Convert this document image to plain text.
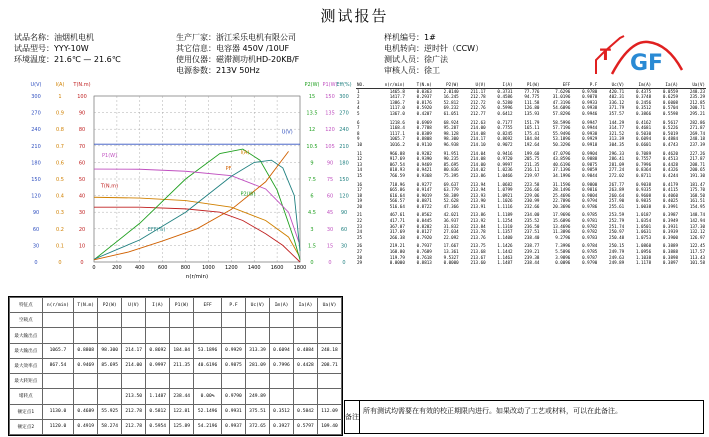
测试报告
试品名称：油烟机电机
试品型号：YYY-10W
环境温度：21.6℃ — 21.6℃
生产厂家：浙江采乐电机有限公司
其它信息：电容器 450V /10UF
使用仪器：磁滞测功机HD-20KB/F
电源参数：213V 50Hz
样机编号：1#
电机转向：逆时针（CCW）
测试人员：徐广法
审核人员：徐工
T GF
0	200	400	600	800 1000 1200 1400 1600 1800
n(r/min)
U(V)
300
270
240
210
180
150
120
90
60
30
0
I(A)
1
0.9
0.8
0.7
0.6
0.5
0.4
0.3
0.2
0.1
0
T(N.m)
100
90
80
70
60
50
40
30
20
10
0
P2(W)
15
13.5
12
10.5
9
7.5
6
4.5
3
1.5
0
P1(W)
150
135
120
105
90
75
60
45
30
15
0
Eff(%)
300
270
240
210
180
150
120
90
60
30
0
U(V)
P1(W)
T(N.m)
I(A)
P2(W)
EFF(%)
PF
NO.	n(r/min)	T(N.m)	P2(W)	U(V)	I(A)	P1(W)	EFF	P.F	Uc(V)	Im(A)	Ia(A)	Ua(V)
1	1465.8	0.0363	2.0140	211.17	0.3731	77.776	7.6296	0.9780	420.71	0.4375	0.0559	248.23
2	1417.7	0.2937	16.245	212.78	0.4586	94.775	31.0196	0.9878	402.31	0.3748	0.6259	235.29
3	1386.7	0.8176	52.812	212.72	0.5280	111.58	47.3196	0.9933	336.12	0.2456	0.6008	212.85
4	1117.0	0.5920	69.232	212.76	0.5996	126.80	54.6096	0.9938	371.79	0.3512	0.5704	200.71
5	1367.0	0.4207	61.051	212.77	0.6412	135.93	57.8296	0.9946	357.57	0.3866	0.5598	295.21

6	1218.6	0.6969	68.924	212.63	0.7177	151.79	58.5996	0.9947	144.29	0.4162	0.5617	282.86
7	1168.4	0.7788	95.287	214.00	0.7755	165.11	57.7196	0.9944	314.77	0.4681	0.5226	271.87
8	1117.1	0.8389	98.128	214.08	0.8245	175.41	55.9496	0.9938	321.52	0.5030	0.5019	269.74
9	1065.7	0.8808	98.300	214.17	0.8692	184.84	53.1896	0.9929	313.39	0.6094	0.4884	248.18
10	1016.2	0.9110	96.938	214.10	0.9072	192.64	50.3296	0.9918	304.35	0.6601	0.4743	237.39

11	966.88	0.9282	91.951	214.04	0.9416	199.60	47.0796	0.9904	296.33	0.7089	0.4620	227.26
12	917.69	0.9390	90.235	214.08	0.9720	205.75	43.8596	0.9888	286.41	0.7557	0.4513	217.87
13	867.54	0.9469	85.695	214.00	0.9997	211.35	40.6196	0.9875	281.09	0.7996	0.4428	208.71
14	818.93	0.9421	80.836	214.02	1.0236	216.11	37.1396	0.9859	277.24	0.8364	0.4326	200.65
15	766.59	0.9368	75.395	213.86	1.0466	219.97	34.1996	0.9844	272.02	0.8711	0.4244	191.30

16	718.96	0.9277	69.637	213.94	1.0682	223.58	31.1596	0.9800	267.77	0.9038	0.4179	181.47
17	665.86	0.9147	63.779	213.94	1.0799	226.66	28.1496	0.9816	263.89	0.9335	0.4115	175.70
18	616.64	0.9019	58.389	213.93	1.0921	229.06	25.4696	0.9804	260.64	0.9608	0.4060	168.50
19	566.57	0.8871	52.628	213.90	1.1026	230.99	22.7896	0.9794	257.90	0.9835	0.4025	161.51
20	516.64	0.8722	47.366	213.91	1.1116	232.66	20.3696	0.9786	255.61	1.0038	0.3991	154.95

21	467.61	0.8562	42.021	213.86	1.1189	234.00	17.9696	0.9785	253.59	1.0187	0.3987	148.74
22	417.71	0.8445	36.937	213.92	1.1254	235.52	15.6896	0.9781	252.79	1.0354	0.3949	142.94
23	367.07	0.8282	31.832	213.84	1.1310	236.50	13.4696	0.9782	251.74	1.0501	0.3931	137.30
24	317.69	0.8127	27.034	213.78	1.1357	237.51	11.3896	0.9782	250.97	1.0631	0.3939	132.12
25	266.38	0.7920	22.092	213.76	1.1400	238.40	9.2796	0.9783	250.48	1.0753	0.3900	126.97

26	219.21	0.7937	17.667	213.75	1.1426	238.77	7.3996	0.9784	250.15	1.0860	0.3889	122.45
27	168.80	0.7689	13.361	213.68	1.1442	239.21	5.5896	0.9785	249.79	1.0956	0.3888	117.57
28	119.79	0.7618	9.5327	213.67	1.1463	239.38	3.9896	0.9787	249.63	1.1038	0.3898	113.43
29	0.0000	0.8813	0.0000	213.60	1.1487	238.44	0.0096	0.9790	249.89	1.1178	0.3897	101.58
特征点	n(r/min)	T(N.m)	P2(W)	U(V)	I(A)	P1(W)	EFF	P.F	Uc(V)	Im(A)	Ia(A)	Ua(V)
空载点												
最大输出点												
最大输出点	1065.7	0.8808	98.300	214.17	0.8692	184.84	53.1896	0.9929	313.39	0.6094	0.4884	248.18
最大效率点	867.54	0.9469	85.695	214.00	0.9997	211.35	40.6196	0.9875	281.09	0.7996	0.4428	208.71
最大转矩点												
堵转点				213.50	1.1487	238.44	0.00%	0.9790	249.89			
额定点1	1130.0	0.4689	55.925	212.78	0.5812	122.81	52.1496	0.9931	375.51	0.3512	0.5842	112.09
额定点2	1120.0	0.4919	58.274	212.78	0.5954	125.89	54.2196	0.9937	372.65	0.3927	0.5797	109.40
备注
所有测试均需要在有效的校正期限内进行。如果改动了工艺或材料，可以在此备注。
